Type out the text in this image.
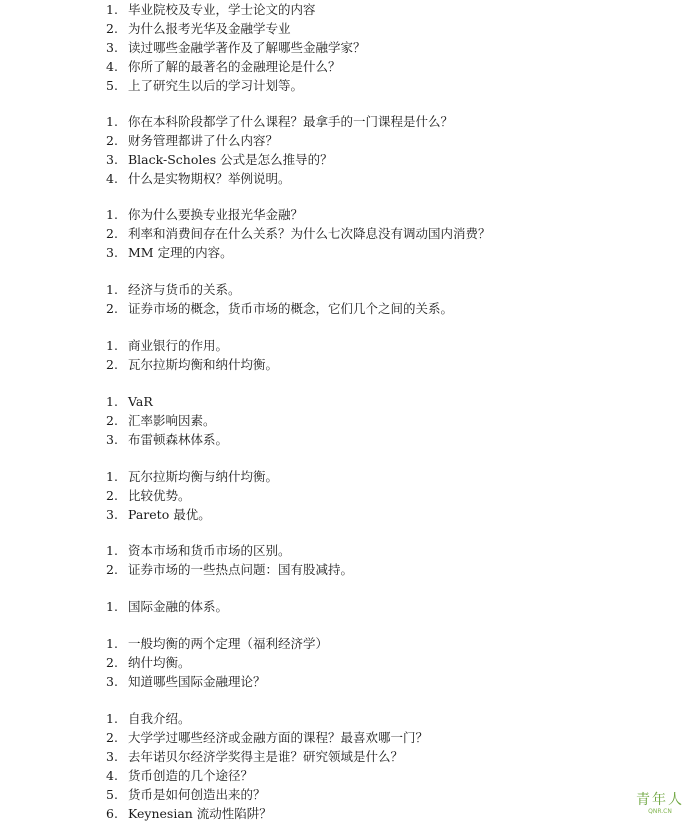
1. 毕业院校及专业，学士论文的内容
2. 为什么报考光华及金融学专业
3. 读过哪些金融学著作及了解哪些金融学家？
4. 你所了解的最著名的金融理论是什么？
5. 上了研究生以后的学习计划等。
1. 你在本科阶段都学了什么课程？最拿手的一门课程是什么？
2. 财务管理都讲了什么内容？
3. Black-Scholes 公式是怎么推导的？
4. 什么是实物期权？举例说明。
1. 你为什么要换专业报光华金融？
2. 利率和消费间存在什么关系？为什么七次降息没有调动国内消费？
3. MM 定理的内容。
1. 经济与货币的关系。
2. 证券市场的概念，货币市场的概念，它们几个之间的关系。
1. 商业银行的作用。
2. 瓦尔拉斯均衡和纳什均衡。
1. VaR
2. 汇率影响因素。
3. 布雷顿森林体系。
1. 瓦尔拉斯均衡与纳什均衡。
2. 比较优势。
3. Pareto 最优。
1. 资本市场和货币市场的区别。
2. 证券市场的一些热点问题：国有股减持。
1. 国际金融的体系。
1. 一般均衡的两个定理（福利经济学）
2. 纳什均衡。
3. 知道哪些国际金融理论？
1. 自我介绍。
2. 大学学过哪些经济或金融方面的课程？最喜欢哪一门？
3. 去年诺贝尔经济学奖得主是谁？研究领域是什么？
4. 货币创造的几个途径？
5. 货币是如何创造出来的？
6. Keynesian 流动性陷阱？
青年人
QNR.CN
